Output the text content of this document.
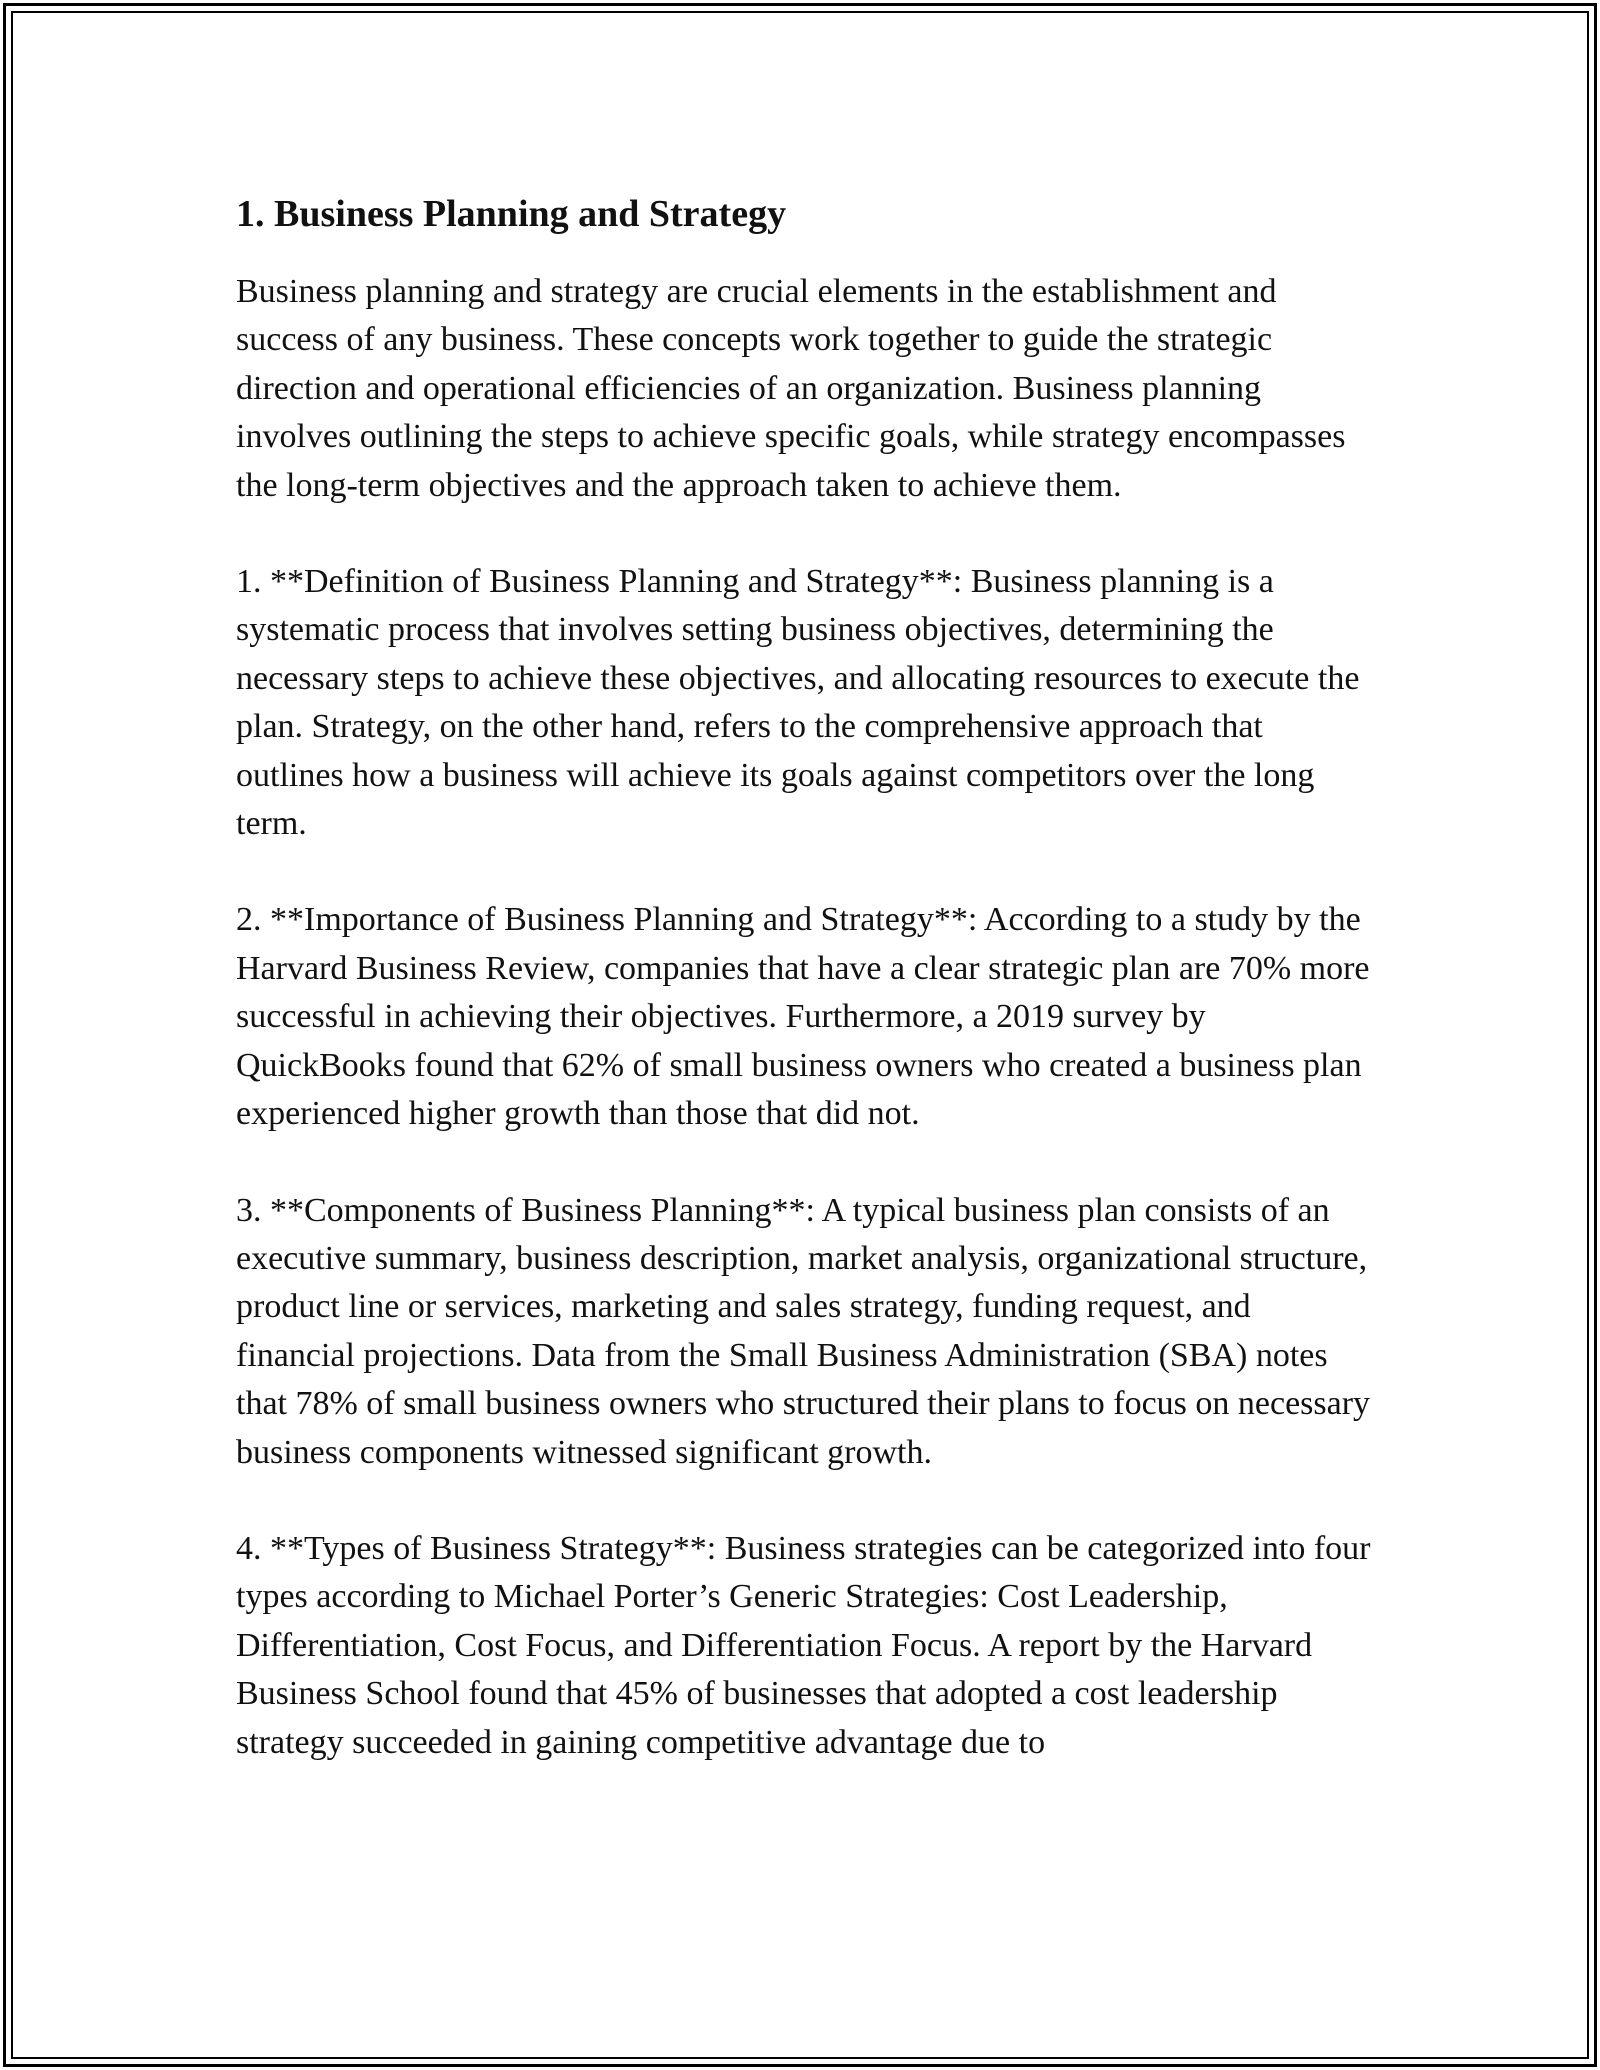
1. Business Planning and Strategy

Business planning and strategy are crucial elements in the establishment and success of any business. These concepts work together to guide the strategic direction and operational efficiencies of an organization. Business planning involves outlining the steps to achieve specific goals, while strategy encompasses the long-term objectives and the approach taken to achieve them.

1. **Definition of Business Planning and Strategy**: Business planning is a systematic process that involves setting business objectives, determining the necessary steps to achieve these objectives, and allocating resources to execute the plan. Strategy, on the other hand, refers to the comprehensive approach that outlines how a business will achieve its goals against competitors over the long term.

2. **Importance of Business Planning and Strategy**: According to a study by the Harvard Business Review, companies that have a clear strategic plan are 70% more successful in achieving their objectives. Furthermore, a 2019 survey by QuickBooks found that 62% of small business owners who created a business plan experienced higher growth than those that did not.

3. **Components of Business Planning**: A typical business plan consists of an executive summary, business description, market analysis, organizational structure, product line or services, marketing and sales strategy, funding request, and financial projections. Data from the Small Business Administration (SBA) notes that 78% of small business owners who structured their plans to focus on necessary business components witnessed significant growth.

4. **Types of Business Strategy**: Business strategies can be categorized into four types according to Michael Porter’s Generic Strategies: Cost Leadership, Differentiation, Cost Focus, and Differentiation Focus. A report by the Harvard Business School found that 45% of businesses that adopted a cost leadership strategy succeeded in gaining competitive advantage due to
